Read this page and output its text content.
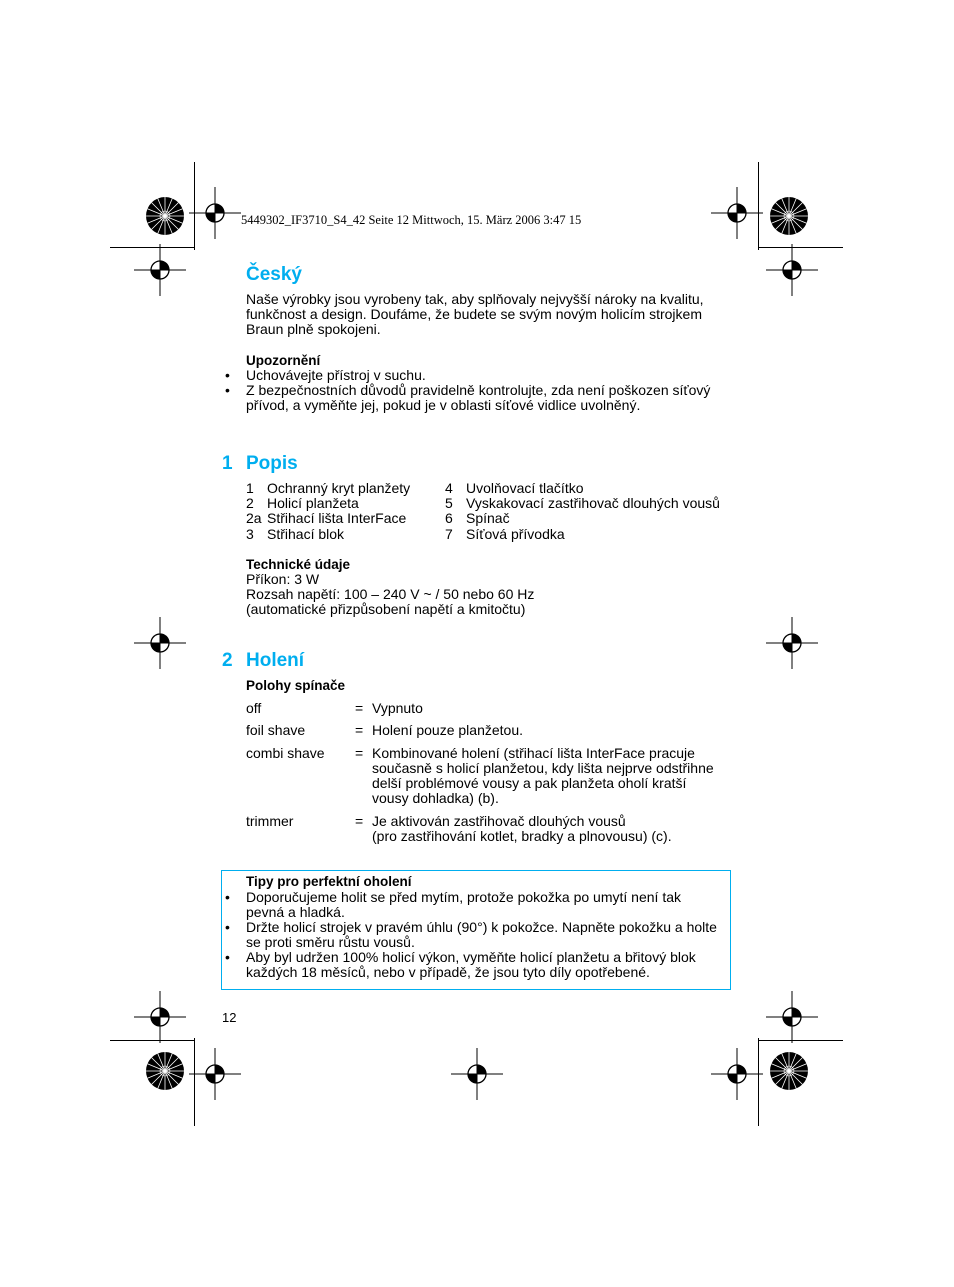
5449302_IF3710_S4_42 Seite 12 Mittwoch, 15. März 2006 3:47 15
Český
Naše výrobky jsou vyrobeny tak, aby splňovaly nejvyšší nároky na kvalitu,
funkčnost a design. Doufáme, že budete se svým novým holicím strojkem
Braun plně spokojeni.
Upozornění
• Uchovávejte přístroj v suchu.
• Z bezpečnostních důvodů pravidelně kontrolujte, zda není poškozen síťový
přívod, a vyměňte jej, pokud je v oblasti síťové vidlice uvolněný.
1 Popis
1 Ochranný kryt planžety
2 Holicí planžeta
2a Střihací lišta InterFace
3 Střihací blok
4 Uvolňovací tlačítko
5 Vyskakovací zastřihovač dlouhých vousů
6 Spínač
7 Síťová přívodka
Technické údaje
Příkon: 3 W
Rozsah napětí: 100 – 240 V ~ / 50 nebo 60 Hz
(automatické přizpůsobení napětí a kmitočtu)
2 Holení
Polohy spínače
off	= Vypnuto
foil shave	= Holení pouze planžetou.
combi shave = Kombinované holení (střihací lišta InterFace pracuje
současně s holicí planžetou, kdy lišta nejprve odstřihne
delší problémové vousy a pak planžeta oholí kratší
vousy dohladka) (b).
trimmer	= Je aktivován zastřihovač dlouhých vousů
(pro zastřihování kotlet, bradky a plnovousu) (c).
Tipy pro perfektní oholení
• Doporučujeme holit se před mytím, protože pokožka po umytí není tak
pevná a hladká.
• Držte holicí strojek v pravém úhlu (90°) k pokožce. Napněte pokožku a holte
se proti směru růstu vousů.
• Aby byl udržen 100% holicí výkon, vyměňte holicí planžetu a břitový blok
každých 18 měsíců, nebo v případě, že jsou tyto díly opotřebené.
12
